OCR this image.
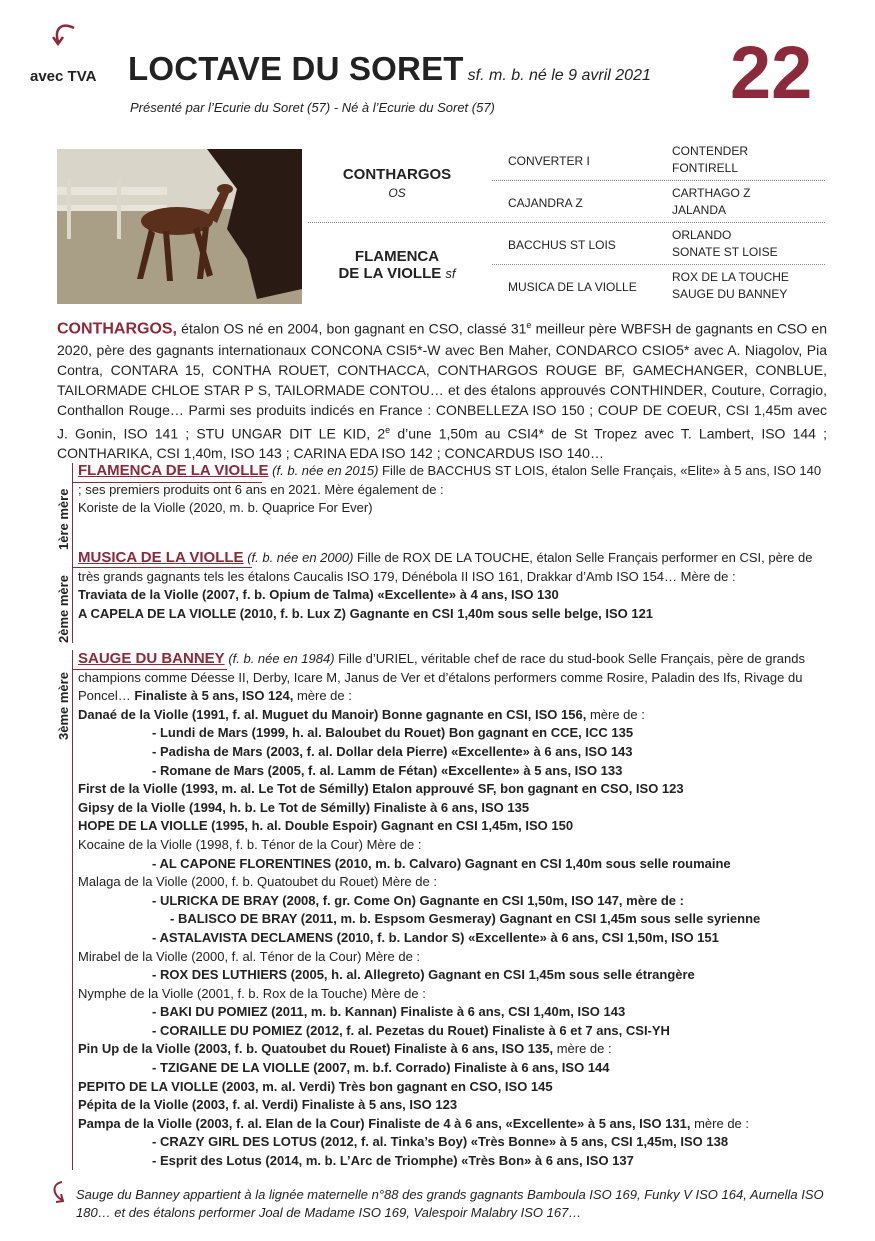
avec TVA LOCTAVE DU SORET sf. m. b. né le 9 avril 2021 22
Présenté par l’Ecurie du Soret (57) - Né à l’Ecurie du Soret (57)
CONTHARGOS
OS
FLAMENCA
DE LA VIOLLE sf
CONVERTER I
CAJANDRA Z
BACCHUS ST LOIS
MUSICA DE LA VIOLLE
CONTENDER
FONTIRELL
CARTHAGO Z
JALANDA
ORLANDO
SONATE ST LOISE
ROX DE LA TOUCHE
SAUGE DU BANNEY
CONTHARGOS, étalon OS né en 2004, bon gagnant en CSO, classé 31e meilleur père WBFSH de gagnants en CSO en 2020, père des gagnants internationaux CONCONA CSI5*-W avec Ben Maher, CONDARCO CSIO5* avec A. Niagolov, Pia Contra, CONTARA 15, CONTHA ROUET, CONTHACCA, CONTHARGOS ROUGE BF, GAMECHANGER, CONBLUE, TAILORMADE CHLOE STAR P S, TAILORMADE CONTOU… et des étalons approuvés CONTHINDER, Couture, Corragio, Conthallon Rouge… Parmi ses produits indicés en France : CONBELLEZA ISO 150 ; COUP DE COEUR, CSI 1,45m avec J. Gonin, ISO 141 ; STU UNGAR DIT LE KID, 2e d’une 1,50m au CSI4* de St Tropez avec T. Lambert, ISO 144 ; CONTHARIKA, CSI 1,40m, ISO 143 ; CARINA EDA ISO 142 ; CONCARDUS ISO 140…
1ère mère
FLAMENCA DE LA VIOLLE (f. b. née en 2015) Fille de BACCHUS ST LOIS, étalon Selle Français, «Elite» à 5 ans, ISO 140 ; ses premiers produits ont 6 ans en 2021. Mère également de :
Koriste de la Violle (2020, m. b. Quaprice For Ever)
2ème mère
MUSICA DE LA VIOLLE (f. b. née en 2000) Fille de ROX DE LA TOUCHE, étalon Selle Français performer en CSI, père de très grands gagnants tels les étalons Caucalis ISO 179, Dénébola II ISO 161, Drakkar d’Amb ISO 154… Mère de :
Traviata de la Violle (2007, f. b. Opium de Talma) «Excellente» à 4 ans, ISO 130
A CAPELA DE LA VIOLLE (2010, f. b. Lux Z) Gagnante en CSI 1,40m sous selle belge, ISO 121
3ème mère
SAUGE DU BANNEY (f. b. née en 1984) Fille d’URIEL, véritable chef de race du stud-book Selle Français, père de grands champions comme Déesse II, Derby, Icare M, Janus de Ver et d’étalons performers comme Rosire, Paladin des Ifs, Rivage du Poncel… Finaliste à 5 ans, ISO 124, mère de :
Danaé de la Violle (1991, f. al. Muguet du Manoir) Bonne gagnante en CSI, ISO 156, mère de :
- Lundi de Mars (1999, h. al. Baloubet du Rouet) Bon gagnant en CCE, ICC 135
- Padisha de Mars (2003, f. al. Dollar dela Pierre) «Excellente» à 6 ans, ISO 143
- Romane de Mars (2005, f. al. Lamm de Fétan) «Excellente» à 5 ans, ISO 133
First de la Violle (1993, m. al. Le Tot de Sémilly) Etalon approuvé SF, bon gagnant en CSO, ISO 123
Gipsy de la Violle (1994, h. b. Le Tot de Sémilly) Finaliste à 6 ans, ISO 135
HOPE DE LA VIOLLE (1995, h. al. Double Espoir) Gagnant en CSI 1,45m, ISO 150
Kocaine de la Violle (1998, f. b. Ténor de la Cour) Mère de :
- AL CAPONE FLORENTINES (2010, m. b. Calvaro) Gagnant en CSI 1,40m sous selle roumaine
Malaga de la Violle (2000, f. b. Quatoubet du Rouet) Mère de :
- ULRICKA DE BRAY (2008, f. gr. Come On) Gagnante en CSI 1,50m, ISO 147, mère de :
- BALISCO DE BRAY (2011, m. b. Espsom Gesmeray) Gagnant en CSI 1,45m sous selle syrienne
- ASTALAVISTA DECLAMENS (2010, f. b. Landor S) «Excellente» à 6 ans, CSI 1,50m, ISO 151
Mirabel de la Violle (2000, f. al. Ténor de la Cour) Mère de :
- ROX DES LUTHIERS (2005, h. al. Allegreto) Gagnant en CSI 1,45m sous selle étrangère
Nymphe de la Violle (2001, f. b. Rox de la Touche) Mère de :
- BAKI DU POMIEZ (2011, m. b. Kannan) Finaliste à 6 ans, CSI 1,40m, ISO 143
- CORAILLE DU POMIEZ (2012, f. al. Pezetas du Rouet) Finaliste à 6 et 7 ans, CSI-YH
Pin Up de la Violle (2003, f. b. Quatoubet du Rouet) Finaliste à 6 ans, ISO 135, mère de :
- TZIGANE DE LA VIOLLE (2007, m. b.f. Corrado) Finaliste à 6 ans, ISO 144
PEPITO DE LA VIOLLE (2003, m. al. Verdi) Très bon gagnant en CSO, ISO 145
Pépita de la Violle (2003, f. al. Verdi) Finaliste à 5 ans, ISO 123
Pampa de la Violle (2003, f. al. Elan de la Cour) Finaliste de 4 à 6 ans, «Excellente» à 5 ans, ISO 131, mère de :
- CRAZY GIRL DES LOTUS (2012, f. al. Tinka’s Boy) «Très Bonne» à 5 ans, CSI 1,45m, ISO 138
- Esprit des Lotus (2014, m. b. L’Arc de Triomphe) «Très Bon» à 6 ans, ISO 137
Sauge du Banney appartient à la lignée maternelle n°88 des grands gagnants Bamboula ISO 169, Funky V ISO 164, Aurnella ISO 180… et des étalons performer Joal de Madame ISO 169, Valespoir Malabry ISO 167…
